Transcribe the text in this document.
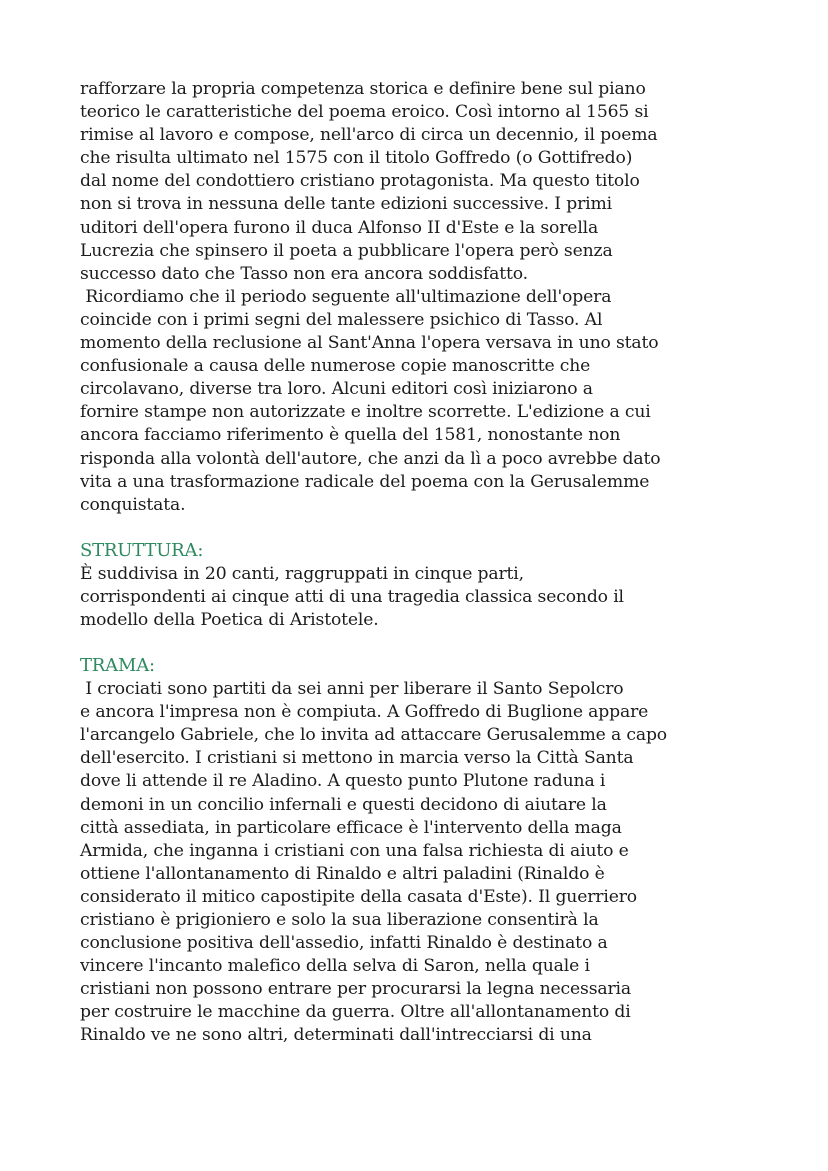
rafforzare la propria competenza storica e definire bene sul piano
teorico le caratteristiche del poema eroico. Così intorno al 1565 si
rimise al lavoro e compose, nell'arco di circa un decennio, il poema
che risulta ultimato nel 1575 con il titolo Goffredo (o Gottifredo)
dal nome del condottiero cristiano protagonista. Ma questo titolo
non si trova in nessuna delle tante edizioni successive. I primi
uditori dell'opera furono il duca Alfonso II d'Este e la sorella
Lucrezia che spinsero il poeta a pubblicare l'opera però senza
successo dato che Tasso non era ancora soddisfatto.
Ricordiamo che il periodo seguente all'ultimazione dell'opera
coincide con i primi segni del malessere psichico di Tasso. Al
momento della reclusione al Sant'Anna l'opera versava in uno stato
confusionale a causa delle numerose copie manoscritte che
circolavano, diverse tra loro. Alcuni editori così iniziarono a
fornire stampe non autorizzate e inoltre scorrette. L'edizione a cui
ancora facciamo riferimento è quella del 1581, nonostante non
risponda alla volontà dell'autore, che anzi da lì a poco avrebbe dato
vita a una trasformazione radicale del poema con la Gerusalemme
conquistata.
STRUTTURA:
È suddivisa in 20 canti, raggruppati in cinque parti,
corrispondenti ai cinque atti di una tragedia classica secondo il
modello della Poetica di Aristotele.
TRAMA:
I crociati sono partiti da sei anni per liberare il Santo Sepolcro
e ancora l'impresa non è compiuta. A Goffredo di Buglione appare
l'arcangelo Gabriele, che lo invita ad attaccare Gerusalemme a capo
dell'esercito. I cristiani si mettono in marcia verso la Città Santa
dove li attende il re Aladino. A questo punto Plutone raduna i
demoni in un concilio infernali e questi decidono di aiutare la
città assediata, in particolare efficace è l'intervento della maga
Armida, che inganna i cristiani con una falsa richiesta di aiuto e
ottiene l'allontanamento di Rinaldo e altri paladini (Rinaldo è
considerato il mitico capostipite della casata d'Este). Il guerriero
cristiano è prigioniero e solo la sua liberazione consentirà la
conclusione positiva dell'assedio, infatti Rinaldo è destinato a
vincere l'incanto malefico della selva di Saron, nella quale i
cristiani non possono entrare per procurarsi la legna necessaria
per costruire le macchine da guerra. Oltre all'allontanamento di
Rinaldo ve ne sono altri, determinati dall'intrecciarsi di una
